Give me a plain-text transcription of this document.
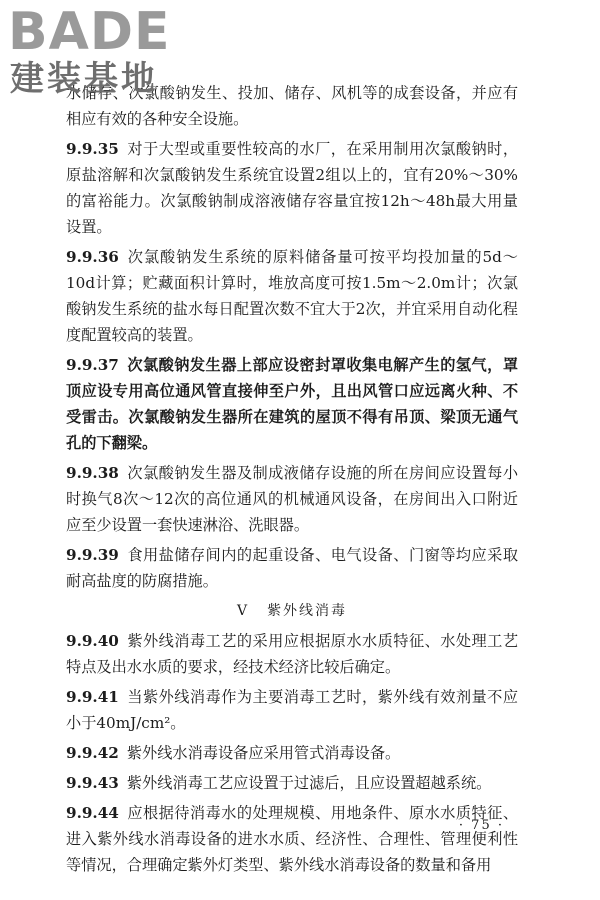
BADE
建装基地

水储存、次氯酸钠发生、投加、储存、风机等的成套设备，并应有相应有效的各种安全设施。

9.9.35 对于大型或重要性较高的水厂，在采用制用次氯酸钠时，原盐溶解和次氯酸钠发生系统宜设置2组以上的，宜有20%～30%的富裕能力。次氯酸钠制成溶液储存容量宜按12h～48h最大用量设置。

9.9.36 次氯酸钠发生系统的原料储备量可按平均投加量的5d～10d计算；贮藏面积计算时，堆放高度可按1.5m～2.0m计；次氯酸钠发生系统的盐水每日配置次数不宜大于2次，并宜采用自动化程度配置较高的装置。

9.9.37 次氯酸钠发生器上部应设密封罩收集电解产生的氢气，罩顶应设专用高位通风管直接伸至户外，且出风管口应远离火种、不受雷击。次氯酸钠发生器所在建筑的屋顶不得有吊顶、梁顶无通气孔的下翻梁。

9.9.38 次氯酸钠发生器及制成液储存设施的所在房间应设置每小时换气8次～12次的高位通风的机械通风设备，在房间出入口附近应至少设置一套快速淋浴、洗眼器。

9.9.39 食用盐储存间内的起重设备、电气设备、门窗等均应采取耐高盐度的防腐措施。

V 紫外线消毒

9.9.40 紫外线消毒工艺的采用应根据原水水质特征、水处理工艺特点及出水水质的要求，经技术经济比较后确定。

9.9.41 当紫外线消毒作为主要消毒工艺时，紫外线有效剂量不应小于40mJ/cm²。

9.9.42 紫外线水消毒设备应采用管式消毒设备。

9.9.43 紫外线消毒工艺应设置于过滤后，且应设置超越系统。

9.9.44 应根据待消毒水的处理规模、用地条件、原水水质特征、进入紫外线水消毒设备的进水水质、经济性、合理性、管理便利性等情况，合理确定紫外灯类型、紫外线水消毒设备的数量和备用

· 75 ·
